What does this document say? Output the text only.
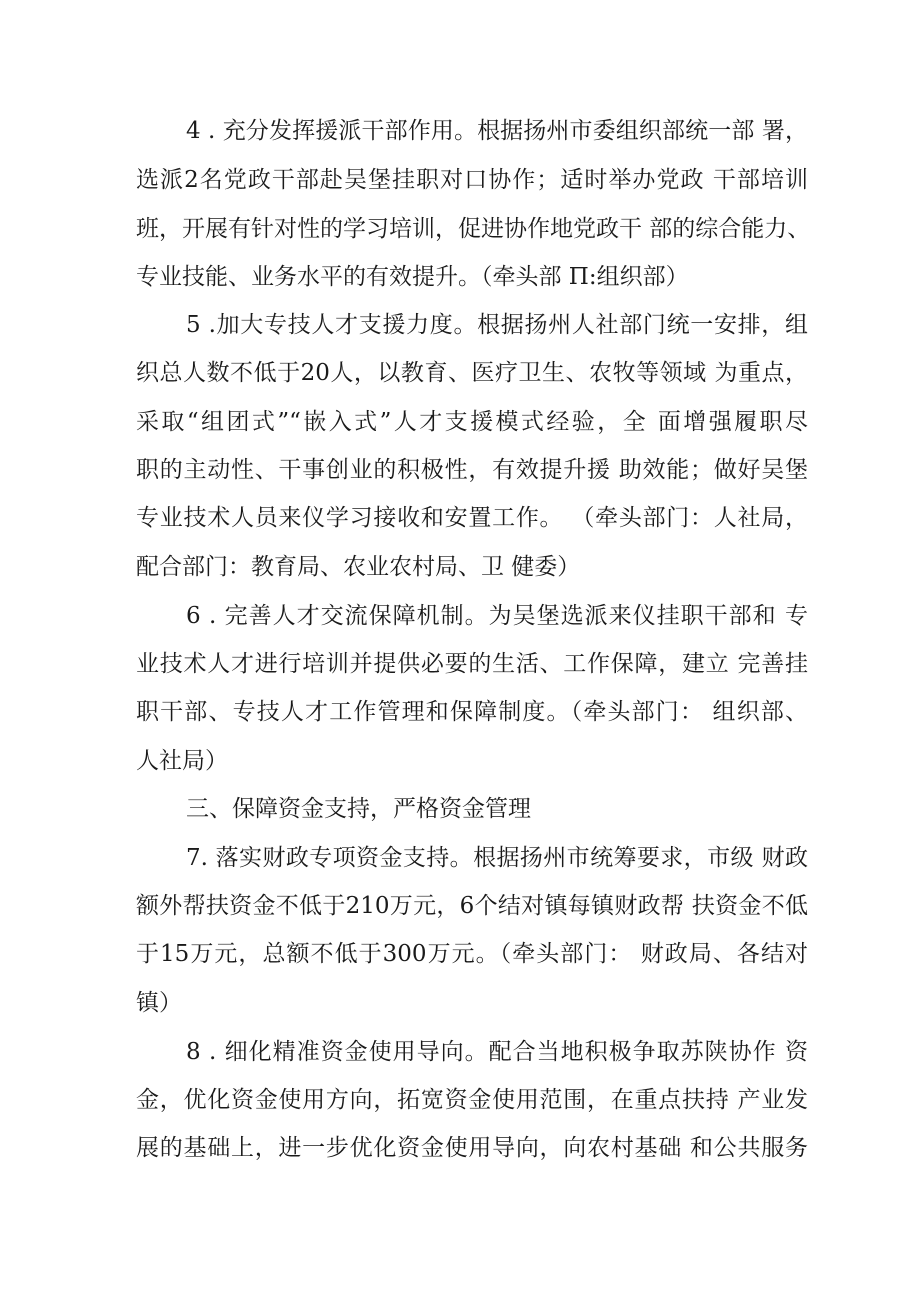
4 . 充分发挥援派干部作用。根据扬州市委组织部统一部 署，
选派2名党政干部赴吴堡挂职对口协作；适时举办党政 干部培训
班，开展有针对性的学习培训，促进协作地党政干 部的综合能力、
专业技能、业务水平的有效提升。（牵头部 Π:组织部）
5 .加大专技人才支援力度。根据扬州人社部门统一安排，组
织总人数不低于20人，以教育、医疗卫生、农牧等领域 为重点，
采取“组团式”“嵌入式”人才支援模式经验，全 面增强履职尽
职的主动性、干事创业的积极性，有效提升援 助效能；做好吴堡
专业技术人员来仪学习接收和安置工作。 （牵头部门：人社局，
配合部门：教育局、农业农村局、卫 健委）
6 . 完善人才交流保障机制。为吴堡选派来仪挂职干部和 专
业技术人才进行培训并提供必要的生活、工作保障，建立 完善挂
职干部、专技人才工作管理和保障制度。（牵头部门： 组织部、
人社局）
三、保障资金支持，严格资金管理
7. 落实财政专项资金支持。根据扬州市统筹要求，市级 财政
额外帮扶资金不低于210万元，6个结对镇每镇财政帮 扶资金不低
于15万元，总额不低于300万元。（牵头部门： 财政局、各结对
镇）
8 . 细化精准资金使用导向。配合当地积极争取苏陕协作 资
金，优化资金使用方向，拓宽资金使用范围，在重点扶持 产业发
展的基础上，进一步优化资金使用导向，向农村基础 和公共服务
